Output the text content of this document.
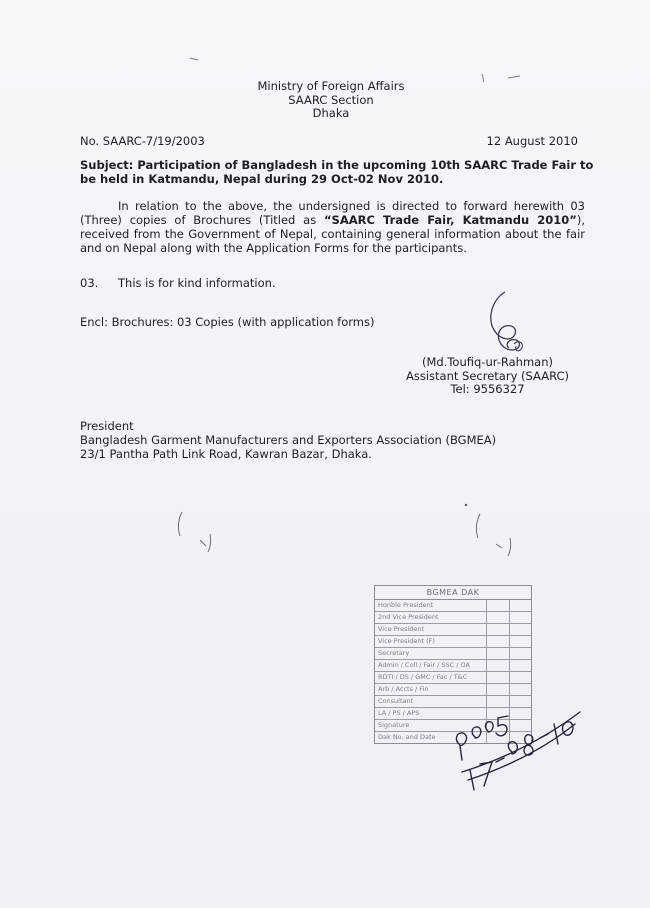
Ministry of Foreign Affairs
SAARC Section
Dhaka
No. SAARC-7/19/2003	12 August 2010
Subject: Participation of Bangladesh in the upcoming 10th SAARC Trade Fair to be held in Katmandu, Nepal during 29 Oct-02 Nov 2010.
In relation to the above, the undersigned is directed to forward herewith 03 (Three) copies of Brochures (Titled as “SAARC Trade Fair, Katmandu 2010”), received from the Government of Nepal, containing general information about the fair and on Nepal along with the Application Forms for the participants.
03. This is for kind information.
Encl: Brochures: 03 Copies (with application forms)
(Md.Toufiq-ur-Rahman)
Assistant Secretary (SAARC)
Tel: 9556327
President
Bangladesh Garment Manufacturers and Exporters Association (BGMEA)
23/1 Pantha Path Link Road, Kawran Bazar, Dhaka.
BGMEA DAK
Honble President
2nd Vice President
Vice President
Vice President (F)
Secretary
Admin / Coll / Fair / SSC / OA
RDTI / DS / GMC / Fac / T&C
Arb / Accts / Fin
Consultant
LA / PS / APS
Signature
Dak No. and Date
